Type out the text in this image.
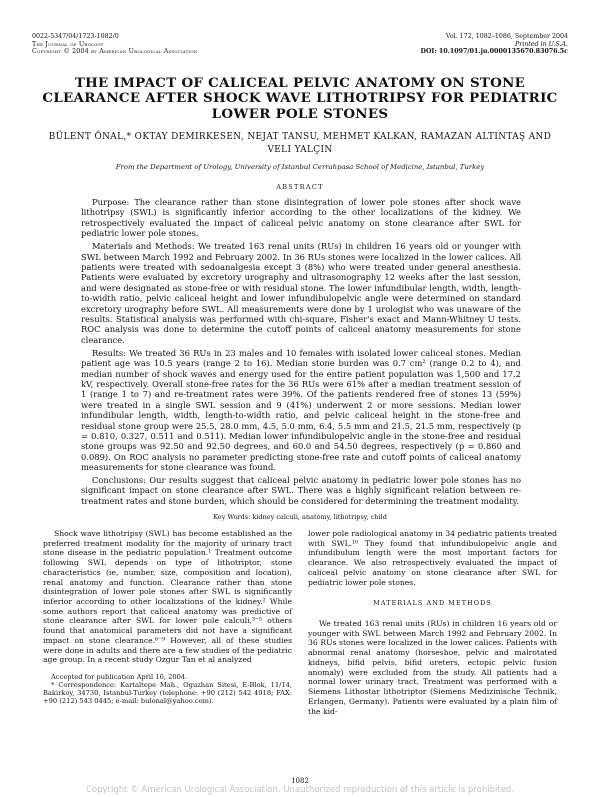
0022-5347/04/1723-1082/0
The Journal of Urology
Copyright © 2004 by American Urological Association
Vol. 172, 1082–1086, September 2004
Printed in U.S.A.
DOI: 10.1097/01.ju.0000135670.83076.5c
THE IMPACT OF CALICEAL PELVIC ANATOMY ON STONE CLEARANCE AFTER SHOCK WAVE LITHOTRIPSY FOR PEDIATRIC LOWER POLE STONES
BÜLENT ÖNAL,* OKTAY DEMIRKESEN, NEJAT TANSU, MEHMET KALKAN, RAMAZAN ALTINTAŞ AND VELI YALÇIN
From the Department of Urology, University of Istanbul Cerrahpasa School of Medicine, Istanbul, Turkey
ABSTRACT

Purpose: The clearance rather than stone disintegration of lower pole stones after shock wave lithotripsy (SWL) is significantly inferior according to the other localizations of the kidney. We retrospectively evaluated the impact of caliceal pelvic anatomy on stone clearance after SWL for pediatric lower pole stones.

Materials and Methods: We treated 163 renal units (RUs) in children 16 years old or younger with SWL between March 1992 and February 2002. In 36 RUs stones were localized in the lower calices. All patients were treated with sedoanalgesia except 3 (8%) who were treated under general anesthesia. Patients were evaluated by excretory urography and ultrasonography 12 weeks after the last session, and were designated as stone-free or with residual stone. The lower infundibular length, width, length-to-width ratio, pelvic caliceal height and lower infundibulopelvic angle were determined on standard excretory urography before SWL. All measurements were done by 1 urologist who was unaware of the results. Statistical analysis was performed with chi-square, Fisher's exact and Mann-Whitney U tests. ROC analysis was done to determine the cutoff points of caliceal anatomy measurements for stone clearance.

Results: We treated 36 RUs in 23 males and 10 females with isolated lower caliceal stones. Median patient age was 10.5 years (range 2 to 16). Median stone burden was 0.7 cm² (range 0.2 to 4), and median number of shock waves and energy used for the entire patient population was 1,500 and 17.2 kV, respectively. Overall stone-free rates for the 36 RUs were 61% after a median treatment session of 1 (range 1 to 7) and re-treatment rates were 39%. Of the patients rendered free of stones 13 (59%) were treated in a single SWL session and 9 (41%) underwent 2 or more sessions. Median lower infundibular length, width, length-to-width ratio, and pelvic caliceal height in the stone-free and residual stone group were 25.5, 28.0 mm, 4.5, 5.0 mm, 6.4, 5.5 mm and 21.5, 21.5 mm, respectively (p = 0.810, 0.327, 0.511 and 0.511). Median lower infundibulopelvic angle in the stone-free and residual stone groups was 92.50 and 92.50 degrees, and 60.0 and 54.50 degrees, respectively (p = 0.860 and 0.089). On ROC analysis no parameter predicting stone-free rate and cutoff points of caliceal anatomy measurements for stone clearance was found.

Conclusions: Our results suggest that caliceal pelvic anatomy in pediatric lower pole stones has no significant impact on stone clearance after SWL. There was a highly significant relation between re-treatment rates and stone burden, which should be considered for determining the treatment modality.

Key Words: kidney calculi, anatomy, lithotripsy, child

Shock wave lithotripsy (SWL) has become established as the preferred treatment modality for the majority of urinary tract stone disease in the pediatric population.¹ Treatment outcome following SWL depends on type of lithotriptor, stone characteristics (ie, number, size, composition and location), renal anatomy and function. Clearance rather than stone disintegration of lower pole stones after SWL is significantly inferior according to other localizations of the kidney.² While some authors report that caliceal anatomy was predictive of stone clearance after SWL for lower pole calculi,³⁻⁵ others found that anatomical parameters did not have a significant impact on stone clearance.⁶⁻⁹ However, all of these studies were done in adults and there are a few studies of the pediatric age group. In a recent study Ozgur Tan et al analyzed

lower pole radiological anatomy in 34 pediatric patients treated with SWL.¹⁰ They found that infundibulopelvic angle and infundibulum length were the most important factors for clearance. We also retrospectively evaluated the impact of caliceal pelvic anatomy on stone clearance after SWL for pediatric lower pole stones.

MATERIALS AND METHODS

We treated 163 renal units (RUs) in children 16 years old or younger with SWL between March 1992 and February 2002. In 36 RUs stones were localized in the lower calices. Patients with abnormal renal anatomy (horseshoe, pelvic and malrotated kidneys, bifid pelvis, bifid ureters, ectopic pelvic fusion anomaly) were excluded from the study. All patients had a normal lower urinary tract. Treatment was performed with a Siemens Lithostar lithotriptor (Siemens Medizinische Technik, Erlangen, Germany). Patients were evaluated by a plain film of the kid-

Accepted for publication April 16, 2004.
* Correspondence: Kartaltepe Mah., Oguzhan Sitesi, E-Blok, 11/14, Bakirkoy, 34730, Istanbul-Turkey (telephone: +90 (212) 542 4918; FAX: +90 (212) 543 0445; e-mail: bulonal@yahoo.com).
1082
Copyright © American Urological Association. Unauthorized reproduction of this article is prohibited.
